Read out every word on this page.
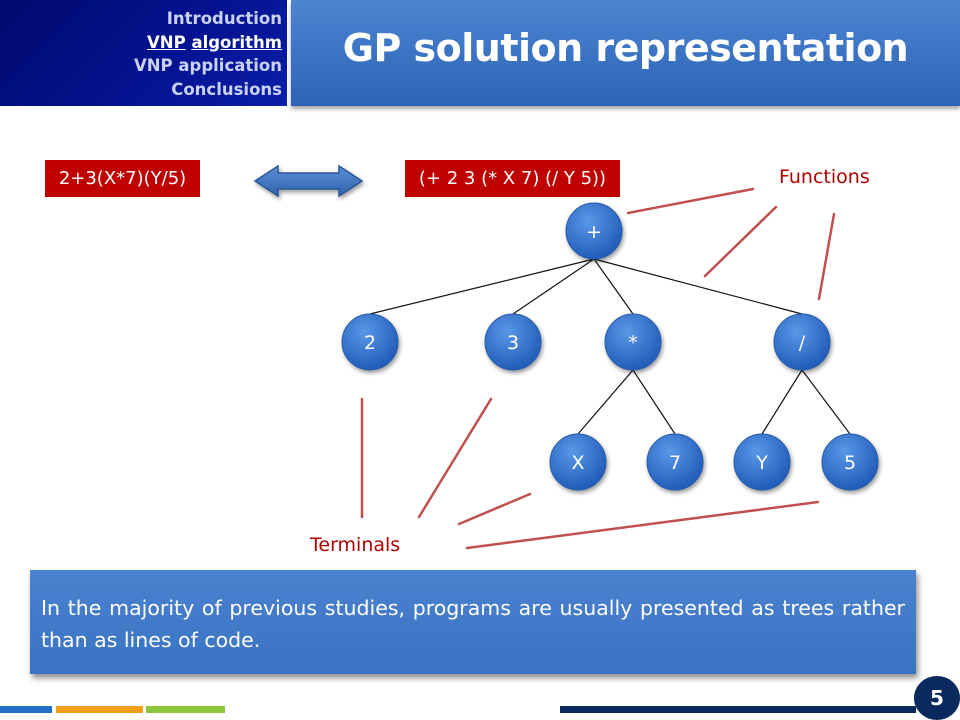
Introduction
VNP algorithm
VNP application
Conclusions
GP solution representation
2+3(X*7)(Y/5)	(+ 2 3 (* X 7) (/ Y 5))	Functions
Terminals
+
2	3	*	/
X	7	Y	5
In the majority of previous studies, programs are usually presented as trees rather than as lines of code.
5
